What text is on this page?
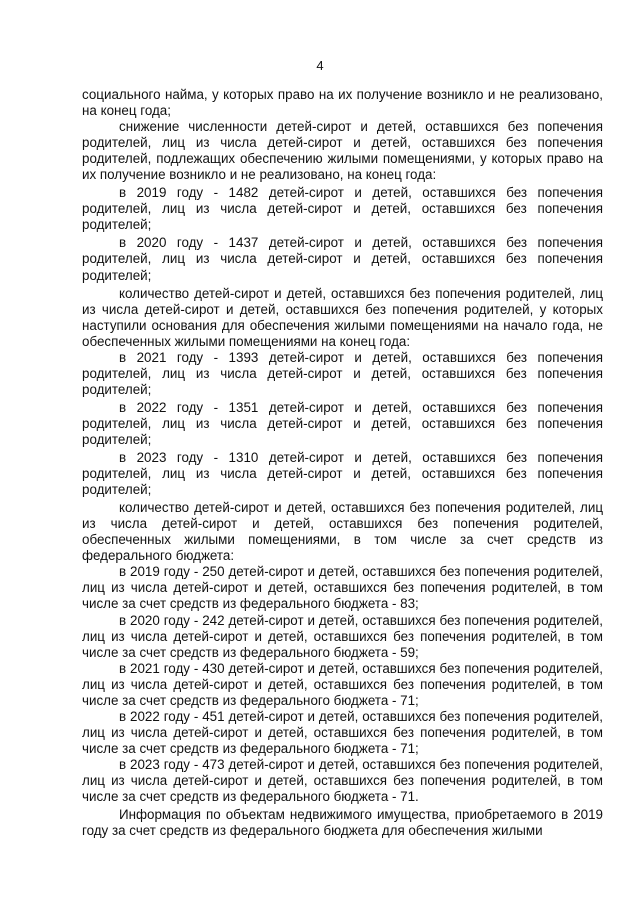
4

социального найма, у которых право на их получение возникло и не реализовано, на конец года;

снижение численности детей-сирот и детей, оставшихся без попечения родителей, лиц из числа детей-сирот и детей, оставшихся без попечения родителей, подлежащих обеспечению жилыми помещениями, у которых право на их получение возникло и не реализовано, на конец года:

в 2019 году - 1482 детей-сирот и детей, оставшихся без попечения родителей, лиц из числа детей-сирот и детей, оставшихся без попечения родителей;

в 2020 году - 1437 детей-сирот и детей, оставшихся без попечения родителей, лиц из числа детей-сирот и детей, оставшихся без попечения родителей;

количество детей-сирот и детей, оставшихся без попечения родителей, лиц из числа детей-сирот и детей, оставшихся без попечения родителей, у которых наступили основания для обеспечения жилыми помещениями на начало года, не обеспеченных жилыми помещениями на конец года:

в 2021 году - 1393 детей-сирот и детей, оставшихся без попечения родителей, лиц из числа детей-сирот и детей, оставшихся без попечения родителей;

в 2022 году - 1351 детей-сирот и детей, оставшихся без попечения родителей, лиц из числа детей-сирот и детей, оставшихся без попечения родителей;

в 2023 году - 1310 детей-сирот и детей, оставшихся без попечения родителей, лиц из числа детей-сирот и детей, оставшихся без попечения родителей;

количество детей-сирот и детей, оставшихся без попечения родителей, лиц из числа детей-сирот и детей, оставшихся без попечения родителей, обеспеченных жилыми помещениями, в том числе за счет средств из федерального бюджета:

в 2019 году - 250 детей-сирот и детей, оставшихся без попечения родителей, лиц из числа детей-сирот и детей, оставшихся без попечения родителей, в том числе за счет средств из федерального бюджета - 83;

в 2020 году - 242 детей-сирот и детей, оставшихся без попечения родителей, лиц из числа детей-сирот и детей, оставшихся без попечения родителей, в том числе за счет средств из федерального бюджета - 59;

в 2021 году - 430 детей-сирот и детей, оставшихся без попечения родителей, лиц из числа детей-сирот и детей, оставшихся без попечения родителей, в том числе за счет средств из федерального бюджета - 71;

в 2022 году - 451 детей-сирот и детей, оставшихся без попечения родителей, лиц из числа детей-сирот и детей, оставшихся без попечения родителей, в том числе за счет средств из федерального бюджета - 71;

в 2023 году - 473 детей-сирот и детей, оставшихся без попечения родителей, лиц из числа детей-сирот и детей, оставшихся без попечения родителей, в том числе за счет средств из федерального бюджета - 71.

Информация по объектам недвижимого имущества, приобретаемого в 2019 году за счет средств из федерального бюджета для обеспечения жилыми
